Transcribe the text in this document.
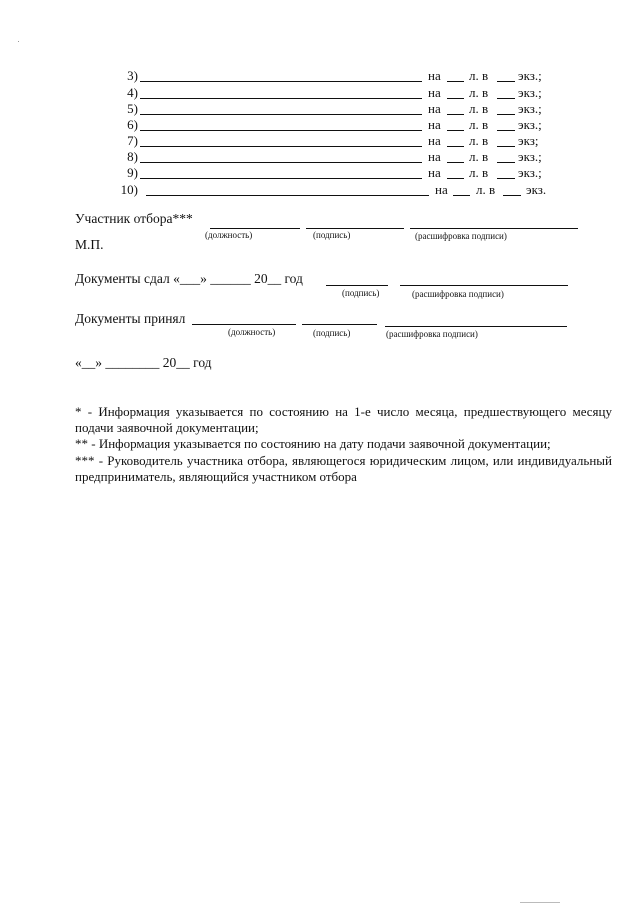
3)	на л. в экз.;
4)	на л. в экз.;
5)	на л. в экз.;
6)	на л. в экз.;
7)	на л. в экз;
8)	на л. в экз.;
9)	на л. в экз.;
10)	на л. в экз.
Участник отбора***
(должность)	(подпись)	(расшифровка подписи)
М.П.
Документы сдал «___» ______ 20__ год
(подпись)	(расшифровка подписи)
Документы принял
(должность)	(подпись)	(расшифровка подписи)
«__» ________ 20__ год
* - Информация указывается по состоянию на 1-е число месяца, предшествующего месяцу подачи заявочной документации;
** - Информация указывается по состоянию на дату подачи заявочной документации;
*** - Руководитель участника отбора, являющегося юридическим лицом, или индивидуальный предприниматель, являющийся участником отбора
